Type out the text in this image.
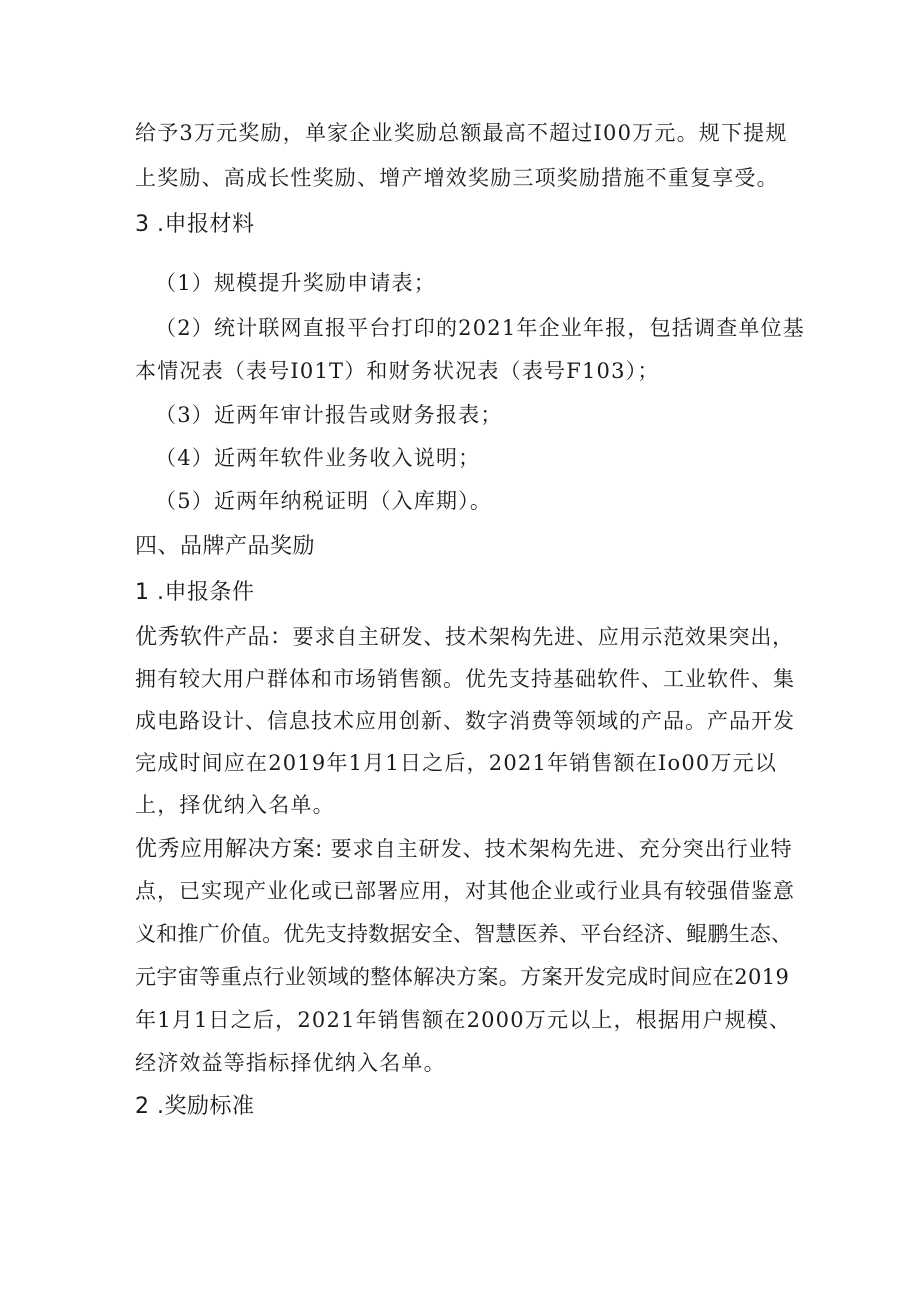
给予3万元奖励，单家企业奖励总额最高不超过I00万元。规下提规
上奖励、高成长性奖励、增产增效奖励三项奖励措施不重复享受。
3 .申报材料
（1）规模提升奖励申请表；
（2）统计联网直报平台打印的2021年企业年报，包括调查单位基
本情况表（表号I01T）和财务状况表（表号F103）；
（3）近两年审计报告或财务报表；
（4）近两年软件业务收入说明；
（5）近两年纳税证明（入库期）。
四、品牌产品奖励
1 .申报条件
优秀软件产品：要求自主研发、技术架构先进、应用示范效果突出，
拥有较大用户群体和市场销售额。优先支持基础软件、工业软件、集
成电路设计、信息技术应用创新、数字消费等领域的产品。产品开发
完成时间应在2019年1月1日之后，2021年销售额在Io00万元以
上，择优纳入名单。
优秀应用解决方案: 要求自主研发、技术架构先进、充分突出行业特
点，已实现产业化或已部署应用，对其他企业或行业具有较强借鉴意
义和推广价值。优先支持数据安全、智慧医养、平台经济、鲲鹏生态、
元宇宙等重点行业领域的整体解决方案。方案开发完成时间应在2019
年1月1日之后，2021年销售额在2000万元以上，根据用户规模、
经济效益等指标择优纳入名单。
2 .奖励标准
